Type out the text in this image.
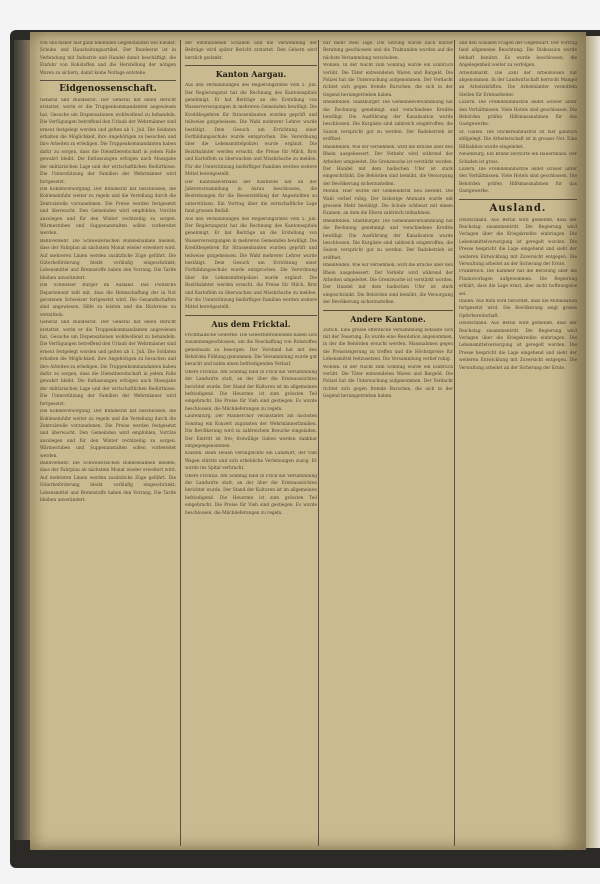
von uns bisher fast ganz fehlenden Gegenständen wie Kleider, Schuhe und Haushaltungsartikel. Der Bundesrat ist in Verbindung mit Industrie und Handel damit beschäftigt, die Einfuhr von Rohstoffen und die Herstellung der nötigen Waren zu sichern, damit keine Notlage entstehe.

Eidgenossenschaft.

General und Bundesrat. Der General hat einen Bericht erstattet, worin er die Truppenkommandanten angewiesen hat, Gesuche um Dispensationen wohlwollend zu behandeln. Die Verfügungen betreffend den Urlaub der Wehrmänner sind erneut festgelegt worden und gelten ab 1. Juli. Die Soldaten erhalten die Möglichkeit, ihre Angehörigen zu besuchen und ihre Arbeiten zu erledigen. Die Truppenkommandanten haben dafür zu sorgen, dass die Dienstbereitschaft in jedem Falle gewahrt bleibt. Die Entlassungen erfolgen nach Massgabe der militärischen Lage und der wirtschaftlichen Bedürfnisse. Die Unterstützung der Familien der Wehrmänner wird fortgesetzt.

Die Kohlenversorgung. Der Bundesrat hat beschlossen, die Kohleneinfuhr weiter zu regeln und die Verteilung durch die Zentralstelle vorzunehmen. Die Preise werden festgesetzt und überwacht. Den Gemeinden wird empfohlen, Vorräte anzulegen und für den Winter rechtzeitig zu sorgen. Wärmestuben und Suppenanstalten sollen vorbereitet werden.

Bahnverkehr. Die Schweizerischen Bundesbahnen melden, dass der Fahrplan ab nächstem Monat wieder erweitert wird. Auf mehreren Linien werden zusätzliche Züge geführt. Die Güterbeförderung bleibt vorläufig eingeschränkt; Lebensmittel und Brennstoffe haben den Vorrang. Die Tarife bleiben unverändert.

Die Schweizer Bürger im Ausland. Das Politische Departement teilt mit, dass die Heimschaffung der in Not geratenen Schweizer fortgesetzt wird. Die Gesandtschaften sind angewiesen, Hilfe zu leisten und die Rückreise zu vermitteln.

General und Bundesrat. Der General hat einen Bericht erstattet, worin er die Truppenkommandanten angewiesen hat, Gesuche um Dispensationen wohlwollend zu behandeln. Die Verfügungen betreffend den Urlaub der Wehrmänner sind erneut festgelegt worden und gelten ab 1. Juli. Die Soldaten erhalten die Möglichkeit, ihre Angehörigen zu besuchen und ihre Arbeiten zu erledigen. Die Truppenkommandanten haben dafür zu sorgen, dass die Dienstbereitschaft in jedem Falle gewahrt bleibt. Die Entlassungen erfolgen nach Massgabe der militärischen Lage und der wirtschaftlichen Bedürfnisse. Die Unterstützung der Familien der Wehrmänner wird fortgesetzt.

Die Kohlenversorgung. Der Bundesrat hat beschlossen, die Kohleneinfuhr weiter zu regeln und die Verteilung durch die Zentralstelle vorzunehmen. Die Preise werden festgesetzt und überwacht. Den Gemeinden wird empfohlen, Vorräte anzulegen und für den Winter rechtzeitig zu sorgen. Wärmestuben und Suppenanstalten sollen vorbereitet werden.

Bahnverkehr. Die Schweizerischen Bundesbahnen melden, dass der Fahrplan ab nächstem Monat wieder erweitert wird. Auf mehreren Linien werden zusätzliche Züge geführt. Die Güterbeförderung bleibt vorläufig eingeschränkt; Lebensmittel und Brennstoffe haben den Vorrang. Die Tarife bleiben unverändert.

der entstandenen Schäden und die Verwendung der Beiträge wird später Bericht erstattet. Den Gebern wird herzlich gedankt.

Kanton Aargau.

Aus den Verhandlungen des Regierungsrates vom 5. Juli. Der Regierungsrat hat die Rechnung des Kantonsspitals genehmigt. Er hat Beiträge an die Erstellung von Wasserversorgungen in mehreren Gemeinden bewilligt. Die Kreditbegehren für Strassenbauten wurden geprüft und teilweise gutgeheissen. Die Wahl mehrerer Lehrer wurde bestätigt. Dem Gesuch um Errichtung einer Fortbildungsschule wurde entsprochen. Die Verordnung über die Lebensmittelpolizei wurde ergänzt. Die Bezirksämter werden ersucht, die Preise für Milch, Brot und Kartoffeln zu überwachen und Missbräuche zu melden. Für die Unterstützung bedürftiger Familien werden weitere Mittel bereitgestellt.

Der Kantonalverband der Kaufleute hat an der Jahresversammlung in Aarau beschlossen, die Bestrebungen für die Besserstellung der Angestellten zu unterstützen. Ein Vortrag über die wirtschaftliche Lage fand grossen Beifall.

Aus den Verhandlungen des Regierungsrates vom 5. Juli. Der Regierungsrat hat die Rechnung des Kantonsspitals genehmigt. Er hat Beiträge an die Erstellung von Wasserversorgungen in mehreren Gemeinden bewilligt. Die Kreditbegehren für Strassenbauten wurden geprüft und teilweise gutgeheissen. Die Wahl mehrerer Lehrer wurde bestätigt. Dem Gesuch um Errichtung einer Fortbildungsschule wurde entsprochen. Die Verordnung über die Lebensmittelpolizei wurde ergänzt. Die Bezirksämter werden ersucht, die Preise für Milch, Brot und Kartoffeln zu überwachen und Missbräuche zu melden. Für die Unterstützung bedürftiger Familien werden weitere Mittel bereitgestellt.

Aus dem Fricktal.

Frickthalische Gewerbe. Die Gewerbetreibenden haben sich zusammengeschlossen, um die Beschaffung von Rohstoffen gemeinsam zu besorgen. Der Vorstand hat mit den Behörden Fühlung genommen. Die Versammlung wurde gut besucht und nahm einen befriedigenden Verlauf.

Obere Fricktal. Am Sonntag fand in Frick die Versammlung der Landwirte statt, an der über die Ernteaussichten berichtet wurde. Der Stand der Kulturen ist im allgemeinen befriedigend. Die Heuernte ist zum grössten Teil eingebracht. Die Preise für Vieh sind gestiegen. Es wurde beschlossen, die Milchlieferungen zu regeln.

Laufenburg. Der Männerchor veranstaltet am nächsten Sonntag ein Konzert zugunsten der Wehrmännerfamilien. Die Bevölkerung wird zu zahlreichem Besuche eingeladen. Der Eintritt ist frei; freiwillige Gaben werden dankbar entgegengenommen.

Kaisten. Beim Heuen verunglückte ein Landwirt, der vom Wagen stürzte und sich erhebliche Verletzungen zuzog. Er wurde ins Spital verbracht.

Obere Fricktal. Am Sonntag fand in Frick die Versammlung der Landwirte statt, an der über die Ernteaussichten berichtet wurde. Der Stand der Kulturen ist im allgemeinen befriedigend. Die Heuernte ist zum grössten Teil eingebracht. Die Preise für Vieh sind gestiegen. Es wurde beschlossen, die Milchlieferungen zu regeln.

nur mehr zwei Tage. Die Sitzung wurde nach kurzer Beratung geschlossen und die Traktanden wurden auf die nächste Versammlung verschoben.

Wohlen. In der Nacht zum Sonntag wurde ein Einbruch verübt. Die Täter entwendeten Waren und Bargeld. Die Polizei hat die Untersuchung aufgenommen. Der Verdacht richtet sich gegen fremde Burschen, die sich in der Gegend herumgetrieben haben.

Rheinfelden. Stadtbürger. Die Gemeindeversammlung hat die Rechnung genehmigt und verschiedene Kredite bewilligt. Die Ausführung der Kanalisation wurde beschlossen. Die Kurgäste sind zahlreich eingetroffen; die Saison verspricht gut zu werden. Der Badebetrieb ist eröffnet.

Rheinfelden. Wie wir vernehmen, wird die Brücke über den Rhein ausgebessert. Der Verkehr wird während der Arbeiten umgeleitet. Die Grenzwache ist verstärkt worden. Der Handel mit dem badischen Ufer ist stark eingeschränkt. Die Behörden sind bemüht, die Versorgung der Bevölkerung sicherzustellen.

Möhlin. Hier wurde der Gemeinderat neu bestellt. Die Wahl verlief ruhig. Der bisherige Ammann wurde mit grossem Mehr bestätigt. Die Schule schliesst mit einem Examen, an dem die Eltern zahlreich teilnahmen.

Rheinfelden. Stadtbürger. Die Gemeindeversammlung hat die Rechnung genehmigt und verschiedene Kredite bewilligt. Die Ausführung der Kanalisation wurde beschlossen. Die Kurgäste sind zahlreich eingetroffen; die Saison verspricht gut zu werden. Der Badebetrieb ist eröffnet.

Rheinfelden. Wie wir vernehmen, wird die Brücke über den Rhein ausgebessert. Der Verkehr wird während der Arbeiten umgeleitet. Die Grenzwache ist verstärkt worden. Der Handel mit dem badischen Ufer ist stark eingeschränkt. Die Behörden sind bemüht, die Versorgung der Bevölkerung sicherzustellen.

Andere Kantone.

Zürich. Eine grosse öffentliche Versammlung befasste sich mit der Teuerung. Es wurde eine Resolution angenommen, in der die Behörden ersucht werden, Massnahmen gegen die Preissteigerung zu treffen und die Höchstpreise für Lebensmittel festzusetzen. Die Versammlung verlief ruhig.

Wohlen. In der Nacht zum Sonntag wurde ein Einbruch verübt. Die Täter entwendeten Waren und Bargeld. Die Polizei hat die Untersuchung aufgenommen. Der Verdacht richtet sich gegen fremde Burschen, die sich in der Gegend herumgetrieben haben.

und den Sozialen Fragen der Gegenwart. Der Vortrag fand allgemeine Beachtung. Die Diskussion wurde lebhaft benützt. Es wurde beschlossen, die Angelegenheit weiter zu verfolgen.

Arbeitsmarkt. Die Zahl der Arbeitslosen hat abgenommen. In der Landwirtschaft herrscht Mangel an Arbeitskräften. Die Arbeitsämter vermitteln Stellen für Erntearbeiter.

Luzern. Die Fremdenindustrie leidet schwer unter den Verhältnissen. Viele Hotels sind geschlossen. Die Behörden prüfen Hilfsmassnahmen für das Gastgewerbe.

St. Gallen. Die Stickereiindustrie ist fast gänzlich stillgelegt. Die Arbeiterschaft ist in grosser Not. Eine Hilfsaktion wurde eingeleitet.

Neuenburg. Ein Brand zerstörte ein Bauernhaus. Der Schaden ist gross.

Luzern. Die Fremdenindustrie leidet schwer unter den Verhältnissen. Viele Hotels sind geschlossen. Die Behörden prüfen Hilfsmassnahmen für das Gastgewerbe.

Ausland.

Deutschland. Aus Berlin wird gemeldet, dass der Reichstag zusammentritt. Die Regierung wird Vorlagen über die Kriegskredite einbringen. Die Lebensmittelversorgung ist geregelt worden. Die Presse bespricht die Lage eingehend und sieht der weiteren Entwicklung mit Zuversicht entgegen. Die Verwaltung arbeitet an der Sicherung der Ernte.

Frankreich. Die Kammer hat die Beratung über die Finanzvorlagen aufgenommen. Die Regierung erklärt, dass die Lage ernst, aber nicht hoffnungslos sei.

Italien. Aus Rom wird berichtet, dass die Mobilisation fortgesetzt wird. Die Bevölkerung zeigt grosse Opferbereitschaft.

Deutschland. Aus Berlin wird gemeldet, dass der Reichstag zusammentritt. Die Regierung wird Vorlagen über die Kriegskredite einbringen. Die Lebensmittelversorgung ist geregelt worden. Die Presse bespricht die Lage eingehend und sieht der weiteren Entwicklung mit Zuversicht entgegen. Die Verwaltung arbeitet an der Sicherung der Ernte.
